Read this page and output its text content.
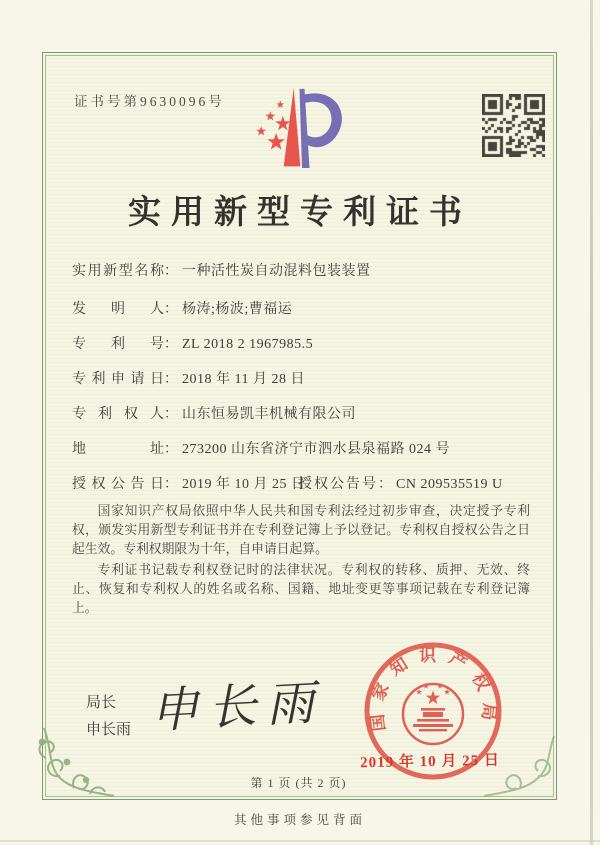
证书号第9630096号
实用新型专利证书
实用新型名称： 一种活性炭自动混料包装装置
发明人： 杨涛;杨波;曹福运
专利号： ZL 2018 2 1967985.5
专利申请日： 2018 年 11 月 28 日
专利权人： 山东恒易凯丰机械有限公司
地址： 273200 山东省济宁市泗水县泉福路 024 号
授权公告日： 2019 年 10 月 25 日
授权公告号： CN 209535519 U

国家知识产权局依照中华人民共和国专利法经过初步审查，决定授予专利权，颁发实用新型专利证书并在专利登记簿上予以登记。专利权自授权公告之日起生效。专利权期限为十年，自申请日起算。

专利证书记载专利权登记时的法律状况。专利权的转移、质押、无效、终止、恢复和专利权人的姓名或名称、国籍、地址变更等事项记载在专利登记簿上。

局长
申长雨 申长雨 国家知识产权局
2019 年 10 月 25 日
第 1 页 (共 2 页)
其他事项参见背面
